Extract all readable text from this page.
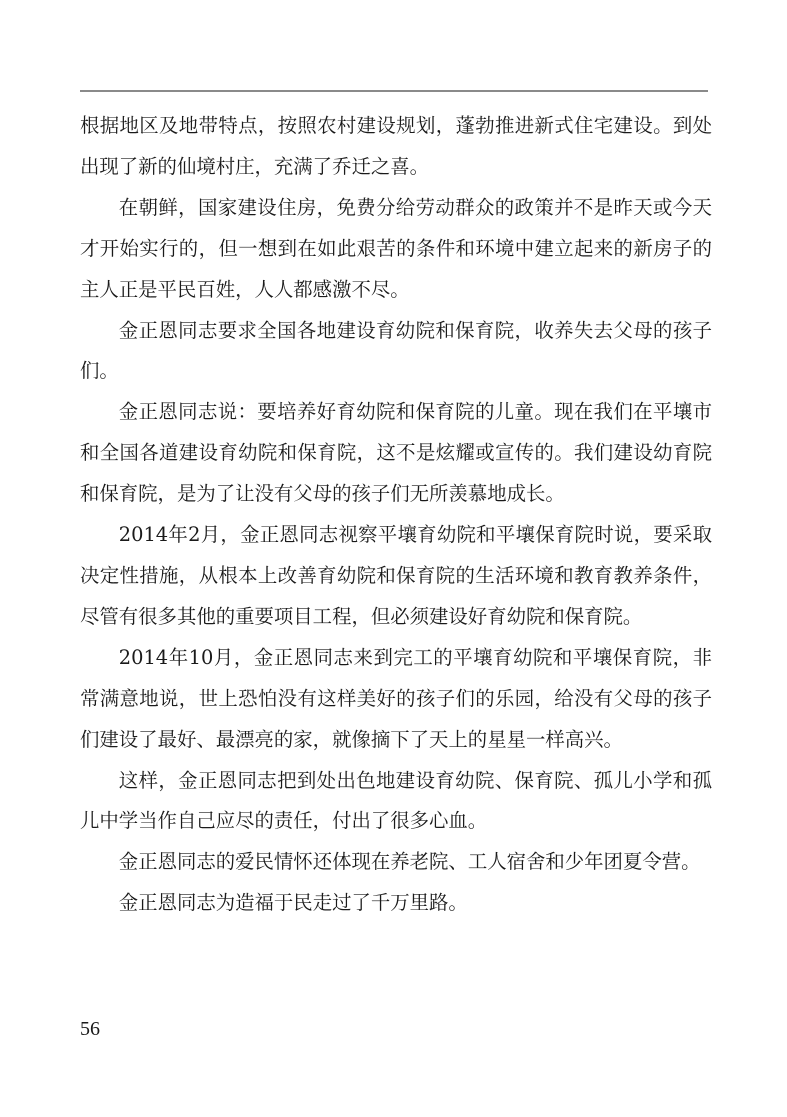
根据地区及地带特点，按照农村建设规划，蓬勃推进新式住宅建设。到处出现了新的仙境村庄，充满了乔迁之喜。

在朝鲜，国家建设住房，免费分给劳动群众的政策并不是昨天或今天才开始实行的，但一想到在如此艰苦的条件和环境中建立起来的新房子的主人正是平民百姓，人人都感激不尽。

金正恩同志要求全国各地建设育幼院和保育院，收养失去父母的孩子们。

金正恩同志说：要培养好育幼院和保育院的儿童。现在我们在平壤市和全国各道建设育幼院和保育院，这不是炫耀或宣传的。我们建设幼育院和保育院，是为了让没有父母的孩子们无所羡慕地成长。

2014年2月，金正恩同志视察平壤育幼院和平壤保育院时说，要采取决定性措施，从根本上改善育幼院和保育院的生活环境和教育教养条件，尽管有很多其他的重要项目工程，但必须建设好育幼院和保育院。

2014年10月，金正恩同志来到完工的平壤育幼院和平壤保育院，非常满意地说，世上恐怕没有这样美好的孩子们的乐园，给没有父母的孩子们建设了最好、最漂亮的家，就像摘下了天上的星星一样高兴。

这样，金正恩同志把到处出色地建设育幼院、保育院、孤儿小学和孤儿中学当作自己应尽的责任，付出了很多心血。

金正恩同志的爱民情怀还体现在养老院、工人宿舍和少年团夏令营。

金正恩同志为造福于民走过了千万里路。

56
